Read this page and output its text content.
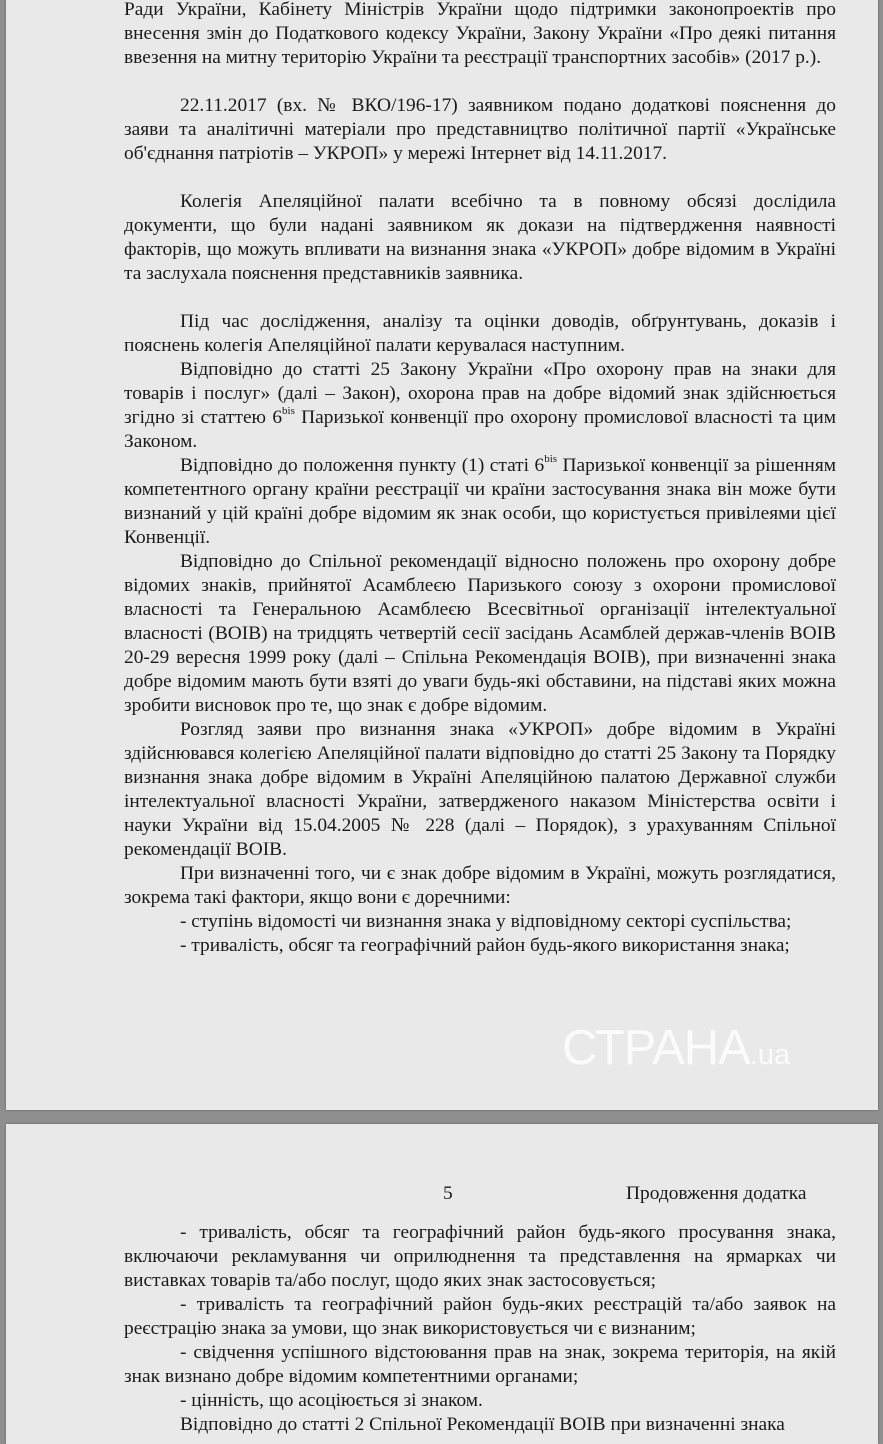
Ради України, Кабінету Міністрів України щодо підтримки законопроектів про внесення змін до Податкового кодексу України, Закону України «Про деякі питання ввезення на митну територію України та реєстрації транспортних засобів» (2017 р.).

22.11.2017 (вх. № ВКО/196-17) заявником подано додаткові пояснення до заяви та аналітичні матеріали про представництво політичної партії «Українське об'єднання патріотів – УКРОП» у мережі Інтернет від 14.11.2017.

Колегія Апеляційної палати всебічно та в повному обсязі дослідила документи, що були надані заявником як докази на підтвердження наявності факторів, що можуть впливати на визнання знака «УКРОП» добре відомим в Україні та заслухала пояснення представників заявника.

Під час дослідження, аналізу та оцінки доводів, обґрунтувань, доказів і пояснень колегія Апеляційної палати керувалася наступним.

Відповідно до статті 25 Закону України «Про охорону прав на знаки для товарів і послуг» (далі – Закон), охорона прав на добре відомий знак здійснюється згідно зі статтею $6^{bis}$ Паризької конвенції про охорону промислової власності та цим Законом.

Відповідно до положення пункту (1) статі $6^{bis}$ Паризької конвенції за рішенням компетентного органу країни реєстрації чи країни застосування знака він може бути визнаний у цій країні добре відомим як знак особи, що користується привілеями цієї Конвенції.

Відповідно до Спільної рекомендації відносно положень про охорону добре відомих знаків, прийнятої Асамблеєю Паризького союзу з охорони промислової власності та Генеральною Асамблеєю Всесвітньої організації інтелектуальної власності (ВОІВ) на тридцять четвертій сесії засідань Асамблей держав-членів ВОІВ 20-29 вересня 1999 року (далі – Спільна Рекомендація ВОІВ), при визначенні знака добре відомим мають бути взяті до уваги будь-які обставини, на підставі яких можна зробити висновок про те, що знак є добре відомим.

Розгляд заяви про визнання знака «УКРОП» добре відомим в Україні здійснювався колегією Апеляційної палати відповідно до статті 25 Закону та Порядку визнання знака добре відомим в Україні Апеляційною палатою Державної служби інтелектуальної власності України, затвердженого наказом Міністерства освіти і науки України від 15.04.2005 № 228 (далі – Порядок), з урахуванням Спільної рекомендації ВОІВ.

При визначенні того, чи є знак добре відомим в Україні, можуть розглядатися, зокрема такі фактори, якщо вони є доречними:

- ступінь відомості чи визнання знака у відповідному секторі суспільства;

- тривалість, обсяг та географічний район будь-якого використання знака;

СТРАНА.ua
5	Продовження додатка

- тривалість, обсяг та географічний район будь-якого просування знака, включаючи рекламування чи оприлюднення та представлення на ярмарках чи виставках товарів та/або послуг, щодо яких знак застосовується;

- тривалість та географічний район будь-яких реєстрацій та/або заявок на реєстрацію знака за умови, що знак використовується чи є визнаним;

- свідчення успішного відстоювання прав на знак, зокрема територія, на якій знак визнано добре відомим компетентними органами;

- цінність, що асоціюється зі знаком.

Відповідно до статті 2 Спільної Рекомендації ВОІВ при визначенні знака
